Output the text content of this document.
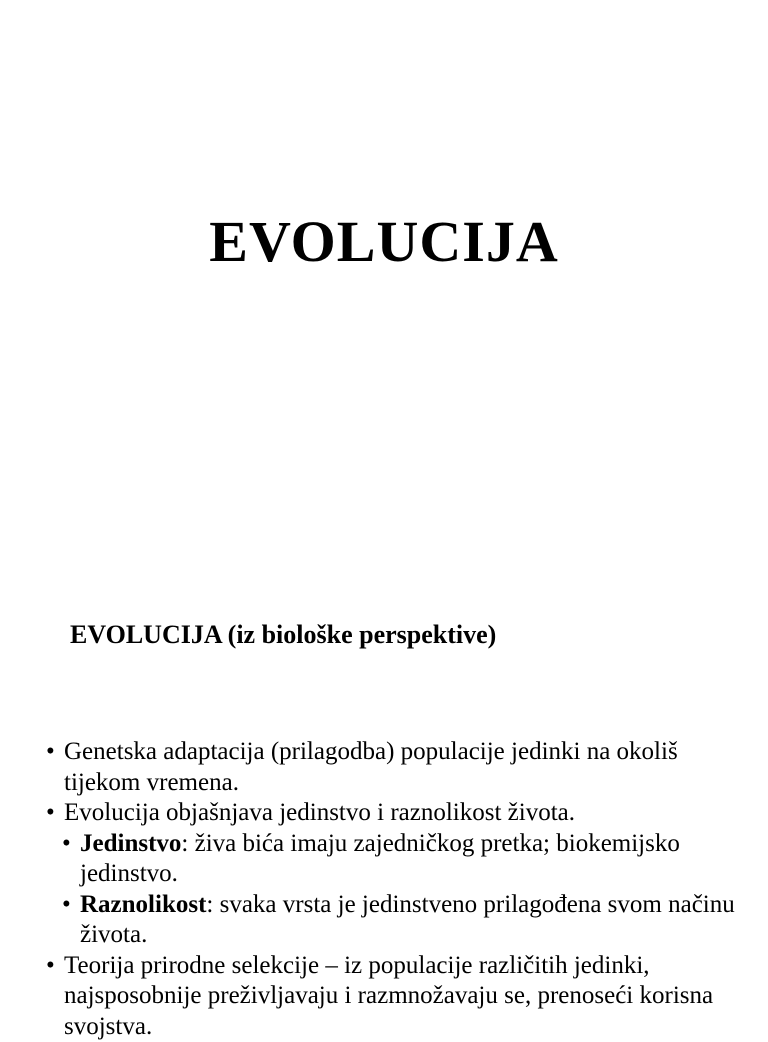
EVOLUCIJA
EVOLUCIJA (iz biološke perspektive)
• Genetska adaptacija (prilagodba) populacije jedinki na okoliš tijekom vremena.
• Evolucija objašnjava jedinstvo i raznolikost života.
• Jedinstvo: živa bića imaju zajedničkog pretka; biokemijsko jedinstvo.
• Raznolikost: svaka vrsta je jedinstveno prilagođena svom načinu života.
• Teorija prirodne selekcije – iz populacije različitih jedinki, najsposobnije preživljavaju i razmnožavaju se, prenoseći korisna svojstva.
